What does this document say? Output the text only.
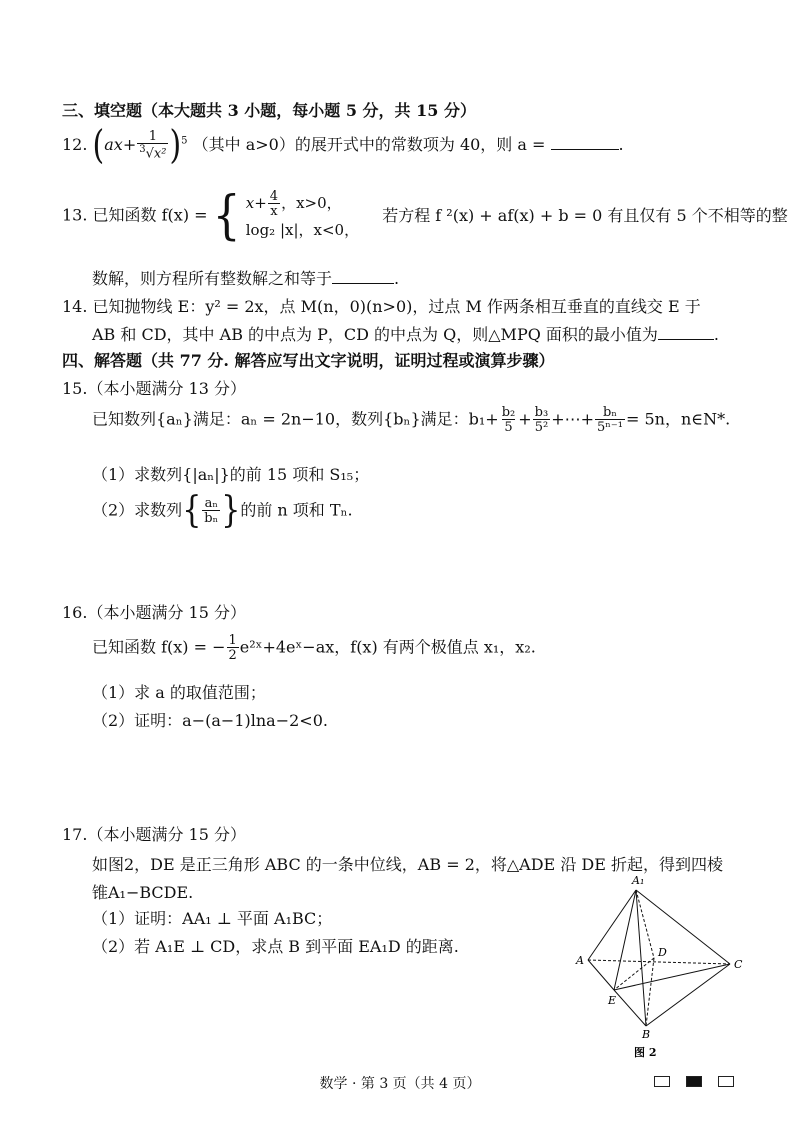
三、填空题（本大题共 3 小题，每小题 5 分，共 15 分）
12. $(ax+ \frac{1}{^3√x^2} )^5$ （其中 a>0）的展开式中的常数项为 40，则 a =	.
13. 已知函数 f(x) = { $x+ \frac{4}{x}$ ，x>0，
log₂ |x|，x<0，
若方程 f ²(x) + af(x) + b = 0 有且仅有 5 个不相等的整
数解，则方程所有整数解之和等于	.
14. 已知抛物线 E：y² = 2x，点 M(n，0)(n>0)，过点 M 作两条相互垂直的直线交 E 于
AB 和 CD，其中 AB 的中点为 P，CD 的中点为 Q，则△MPQ 面积的最小值为	.
四、解答题（共 77 分. 解答应写出文字说明，证明过程或演算步骤）
15.（本小题满分 13 分）
已知数列{aₙ}满足：aₙ = 2n−10，数列{bₙ}满足：$b_1+ \frac{\text{b₂}}{5} + \frac{\text{b₃}}{\text{5²}}$ +⋯+ $\frac{\text{bₙ}}{\text{5ⁿ⁻¹}} = 5n$，n∈N*.
（1）求数列{|aₙ|}的前 15 项和 S₁₅；
（2）求数列{ $\frac{\text{aₙ}}{\text{bₙ}}$ }的前 n 项和 Tₙ.
16.（本小题满分 15 分）
已知函数 f(x) = − $\frac{1}{2}$ e²ˣ+4eˣ−ax，f(x) 有两个极值点 x₁，x₂.
（1）求 a 的取值范围；
（2）证明：a−(a−1)lna−2<0.
17.（本小题满分 15 分）
如图2，DE 是正三角形 ABC 的一条中位线，AB = 2，将△ADE 沿 DE 折起，得到四棱
锥A₁−BCDE.
（1）证明：AA₁ ⊥ 平面 A₁BC；
（2）若 A₁E ⊥ CD，求点 B 到平面 EA₁D 的距离.
A₁
A
D
E
B
C
图 2
数学 · 第 3 页（共 4 页）
